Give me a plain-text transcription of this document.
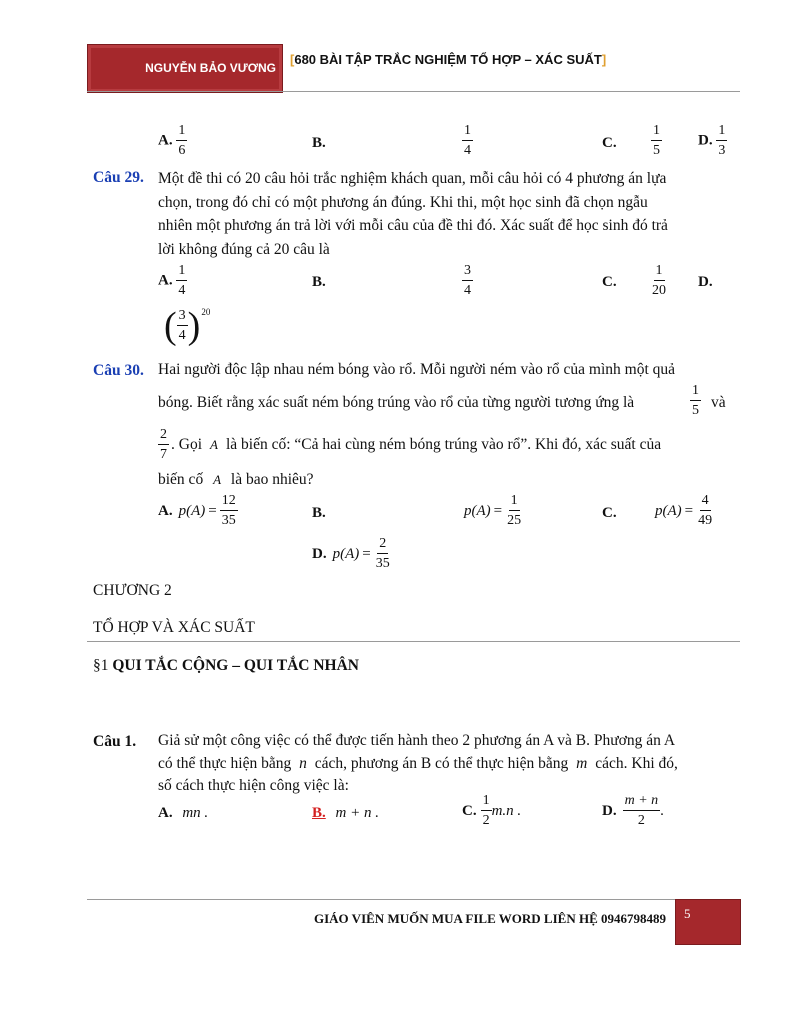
NGUYỄN BẢO VƯƠNG
[680 BÀI TẬP TRẮC NGHIỆM TỔ HỢP – XÁC SUẤT]
A. $\frac{1}{6}$	B.	$\frac{1}{4}$	C. $\frac{1}{5} D$. $\frac{1}{3}$
Câu 29. Một đề thi có 20 câu hỏi trắc nghiệm khách quan, mỗi câu hỏi có 4 phương án lựa
chọn, trong đó chỉ có một phương án đúng. Khi thi, một học sinh đã chọn ngẫu
nhiên một phương án trả lời với mỗi câu của đề thi đó. Xác suất để học sinh đó trả
lời không đúng cả 20 câu là
A. $\frac{1}{4}$	B.	$\frac{3}{4}$	C. $\frac{1}{20} D$.
( $\frac{3}{4}$ ) 20
Câu 30. Hai người độc lập nhau ném bóng vào rổ. Mỗi người ném vào rổ của mình một quả
bóng. Biết rằng xác suất ném bóng trúng vào rổ của từng người tương ứng là	$\frac{1}{5}$ và
$\frac{2}{7}$ . Gọi A là biến cố: “Cả hai cùng ném bóng trúng vào rổ”. Khi đó, xác suất của
biến cố A là bao nhiêu?
A. p $(A) = \frac{12}{35}$	B.	p $(A) = \frac{1}{25}$	C.	p $(A) = \frac{4}{49}$
D. p $(A) = \frac{2}{35}$
CHƯƠNG 2
TỔ HỢP VÀ XÁC SUẤT
§1 QUI TẮC CỘNG – QUI TẮC NHÂN
Câu 1. Giả sử một công việc có thể được tiến hành theo 2 phương án A và B. Phương án A
có thể thực hiện bằng n cách, phương án B có thể thực hiện bằng m cách. Khi đó,
số cách thực hiện công việc là:
A. mn .	B. m + n .	C. $\frac{1}{2} m.n$ .	D. $\frac{m + n}{2}$ .
GIÁO VIÊN MUỐN MUA FILE WORD LIÊN HỆ 0946798489 5
